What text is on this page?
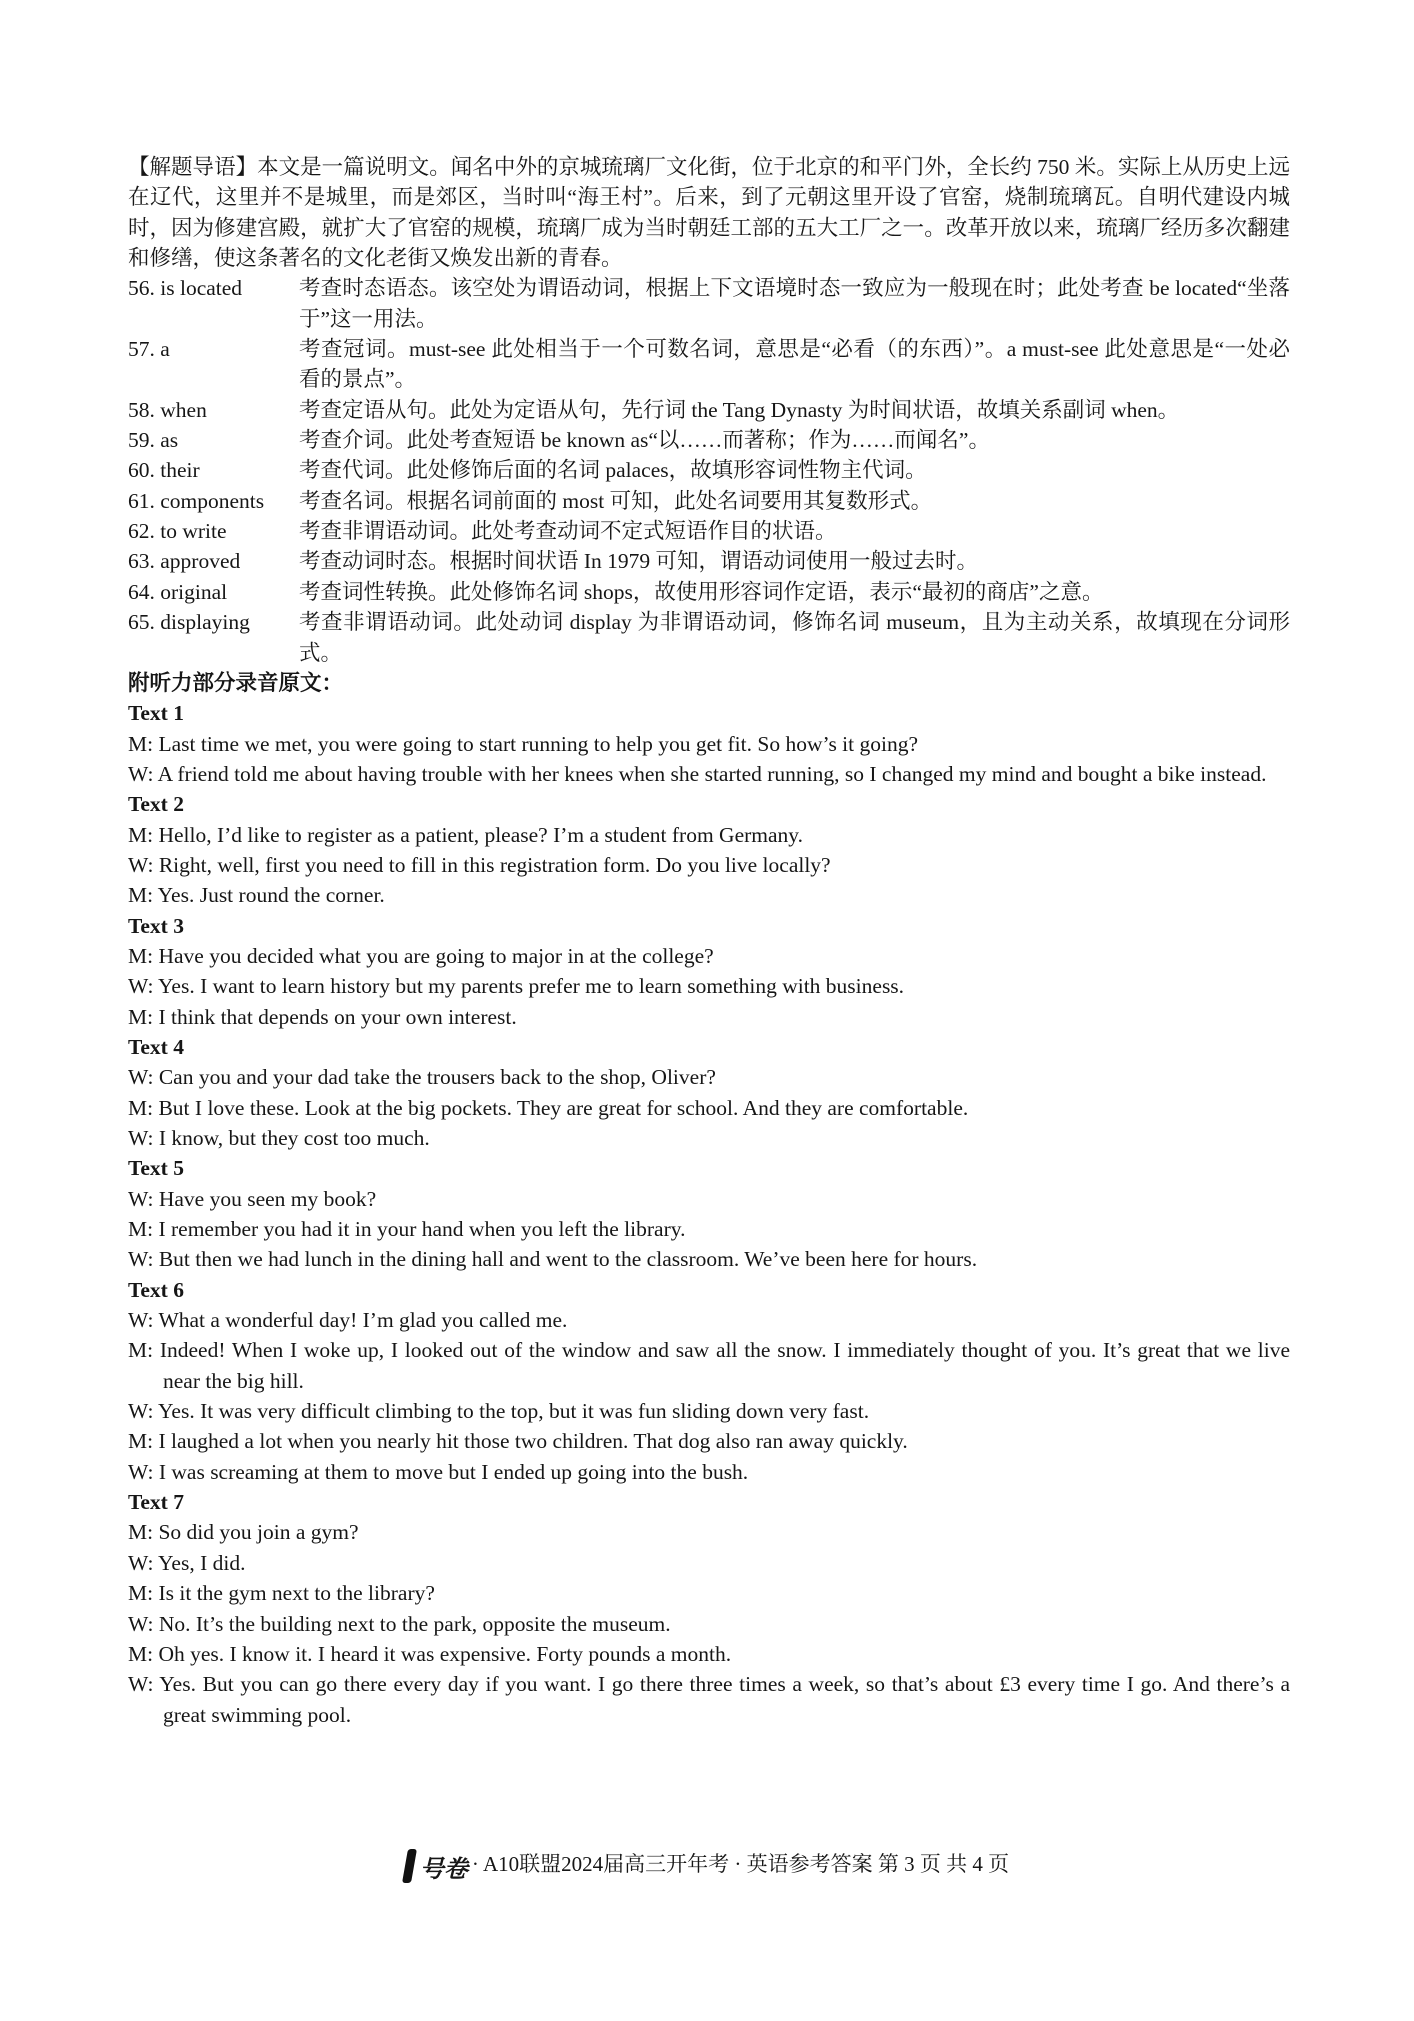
【解题导语】本文是一篇说明文。闻名中外的京城琉璃厂文化街，位于北京的和平门外，全长约 750 米。实际上从历史上远在辽代，这里并不是城里，而是郊区，当时叫“海王村”。后来，到了元朝这里开设了官窑，烧制琉璃瓦。自明代建设内城时，因为修建宫殿，就扩大了官窑的规模，琉璃厂成为当时朝廷工部的五大工厂之一。改革开放以来，琉璃厂经历多次翻建和修缮，使这条著名的文化老街又焕发出新的青春。
56. is located	考查时态语态。该空处为谓语动词，根据上下文语境时态一致应为一般现在时；此处考查 be located“坐落于”这一用法。
57. a	考查冠词。must-see 此处相当于一个可数名词，意思是“必看（的东西）”。a must-see 此处意思是“一处必看的景点”。
58. when	考查定语从句。此处为定语从句，先行词 the Tang Dynasty 为时间状语，故填关系副词 when。
59. as	考查介词。此处考查短语 be known as“以……而著称；作为……而闻名”。
60. their	考查代词。此处修饰后面的名词 palaces，故填形容词性物主代词。
61. components	考查名词。根据名词前面的 most 可知，此处名词要用其复数形式。
62. to write	考查非谓语动词。此处考查动词不定式短语作目的状语。
63. approved	考查动词时态。根据时间状语 In 1979 可知，谓语动词使用一般过去时。
64. original	考查词性转换。此处修饰名词 shops，故使用形容词作定语，表示“最初的商店”之意。
65. displaying	考查非谓语动词。此处动词 display 为非谓语动词，修饰名词 museum，且为主动关系，故填现在分词形式。
附听力部分录音原文：
Text 1
M: Last time we met, you were going to start running to help you get fit. So how’s it going?
W: A friend told me about having trouble with her knees when she started running, so I changed my mind and bought a bike instead.
Text 2
M: Hello, I’d like to register as a patient, please? I’m a student from Germany.
W: Right, well, first you need to fill in this registration form. Do you live locally?
M: Yes. Just round the corner.
Text 3
M: Have you decided what you are going to major in at the college?
W: Yes. I want to learn history but my parents prefer me to learn something with business.
M: I think that depends on your own interest.
Text 4
W: Can you and your dad take the trousers back to the shop, Oliver?
M: But I love these. Look at the big pockets. They are great for school. And they are comfortable.
W: I know, but they cost too much.
Text 5
W: Have you seen my book?
M: I remember you had it in your hand when you left the library.
W: But then we had lunch in the dining hall and went to the classroom. We’ve been here for hours.
Text 6
W: What a wonderful day! I’m glad you called me.
M: Indeed! When I woke up, I looked out of the window and saw all the snow. I immediately thought of you. It’s great that we live near the big hill.
W: Yes. It was very difficult climbing to the top, but it was fun sliding down very fast.
M: I laughed a lot when you nearly hit those two children. That dog also ran away quickly.
W: I was screaming at them to move but I ended up going into the bush.
Text 7
M: So did you join a gym?
W: Yes, I did.
M: Is it the gym next to the library?
W: No. It’s the building next to the park, opposite the museum.
M: Oh yes. I know it. I heard it was expensive. Forty pounds a month.
W: Yes. But you can go there every day if you want. I go there three times a week, so that’s about £3 every time I go. And there’s a great swimming pool.
号卷 · A10联盟2024届高三开年考 · 英语参考答案 第 3 页 共 4 页
